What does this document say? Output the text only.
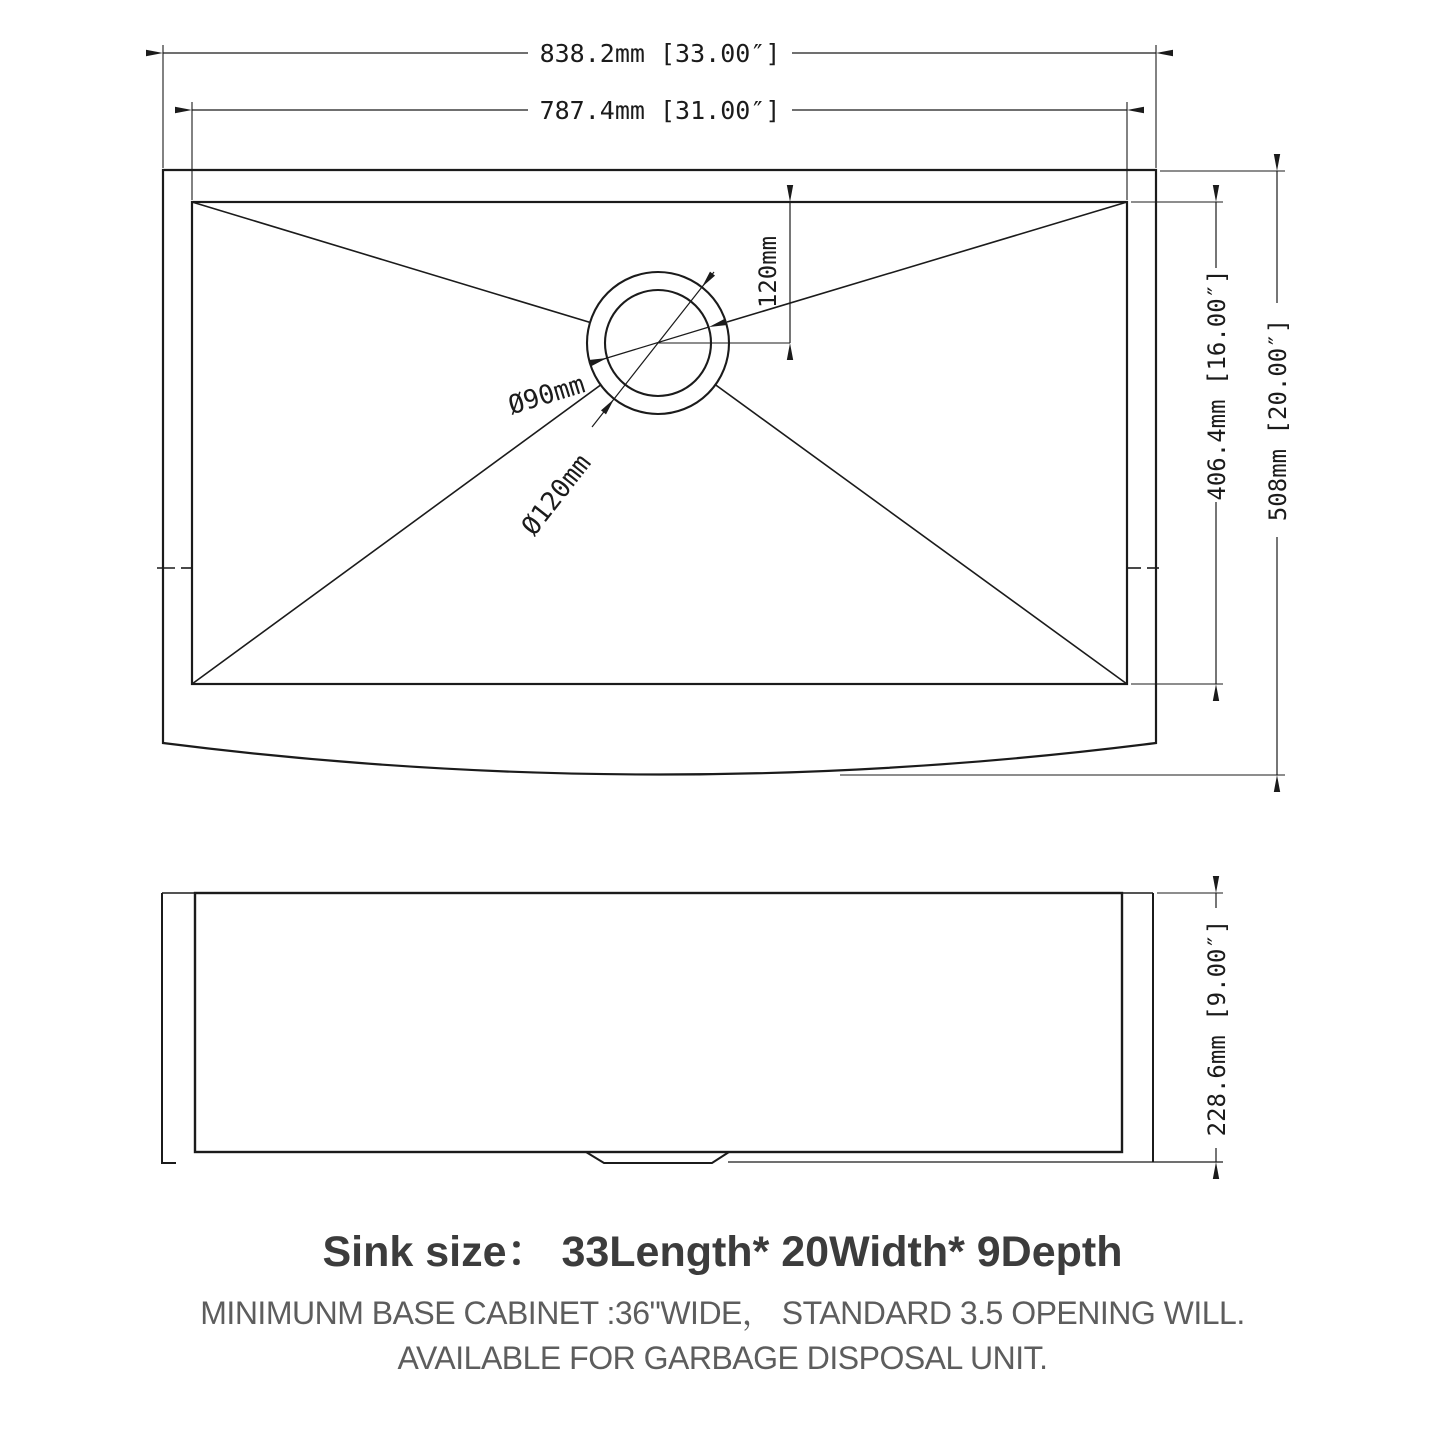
Ø120mm
Ø90mm
120mm
838.2mm [33.00″]
787.4mm [31.00″]
406.4mm [16.00″] 508mm [20.00″]
228.6mm [9.00″]
Sink size： 33Length* 20Width* 9Depth
MINIMUNM BASE CABINET :36"WIDE， STANDARD 3.5 OPENING WILL.
AVAILABLE FOR GARBAGE DISPOSAL UNIT.
